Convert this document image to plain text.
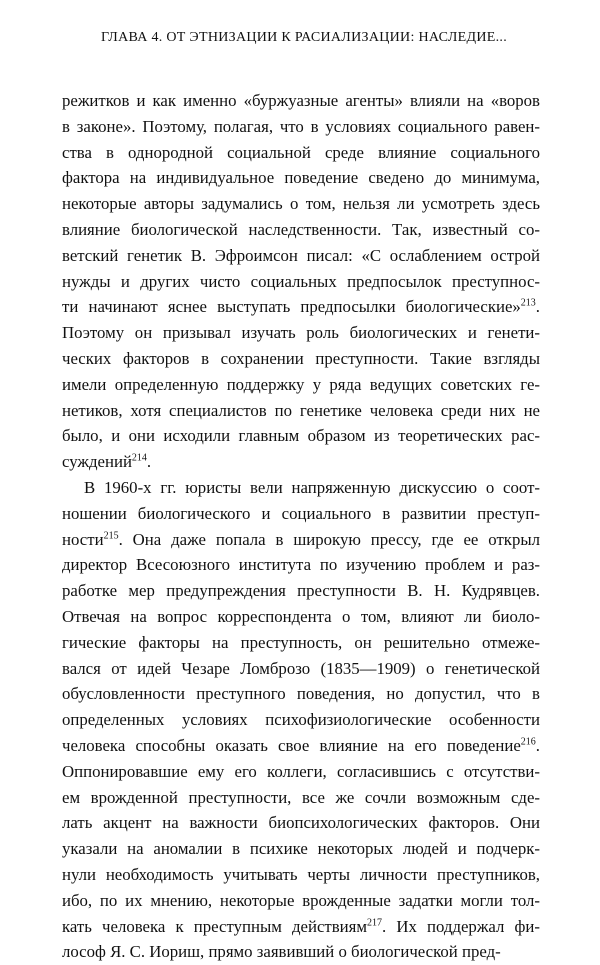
ГЛАВА 4. ОТ ЭТНИЗАЦИИ К РАСИАЛИЗАЦИИ: НАСЛЕДИЕ...
режитков и как именно «буржуазные агенты» влияли на «воров
в законе». Поэтому, полагая, что в условиях социального равен-
ства в однородной социальной среде влияние социального
фактора на индивидуальное поведение сведено до минимума,
некоторые авторы задумались о том, нельзя ли усмотреть здесь
влияние биологической наследственности. Так, известный со-
ветский генетик В. Эфроимсон писал: «С ослаблением острой
нужды и других чисто социальных предпосылок преступнос-
ти начинают яснее выступать предпосылки биологические»$^{213}$.
Поэтому он призывал изучать роль биологических и генети-
ческих факторов в сохранении преступности. Такие взгляды
имели определенную поддержку у ряда ведущих советских ге-
нетиков, хотя специалистов по генетике человека среди них не
было, и они исходили главным образом из теоретических рас-
суждений$^{214}$.
В 1960-х гг. юристы вели напряженную дискуссию о соот-
ношении биологического и социального в развитии преступ-
ности$^{215}$. Она даже попала в широкую прессу, где ее открыл
директор Всесоюзного института по изучению проблем и раз-
работке мер предупреждения преступности В. Н. Кудрявцев.
Отвечая на вопрос корреспондента о том, влияют ли биоло-
гические факторы на преступность, он решительно отмеже-
вался от идей Чезаре Ломброзо (1835—1909) о генетической
обусловленности преступного поведения, но допустил, что в
определенных условиях психофизиологические особенности
человека способны оказать свое влияние на его поведение$^{216}$.
Оппонировавшие ему его коллеги, согласившись с отсутстви-
ем врожденной преступности, все же сочли возможным сде-
лать акцент на важности биопсихологических факторов. Они
указали на аномалии в психике некоторых людей и подчерк-
нули необходимость учитывать черты личности преступников,
ибо, по их мнению, некоторые врожденные задатки могли тол-
кать человека к преступным действиям$^{217}$. Их поддержал фи-
лософ Я. С. Иориш, прямо заявивший о биологической пред-
